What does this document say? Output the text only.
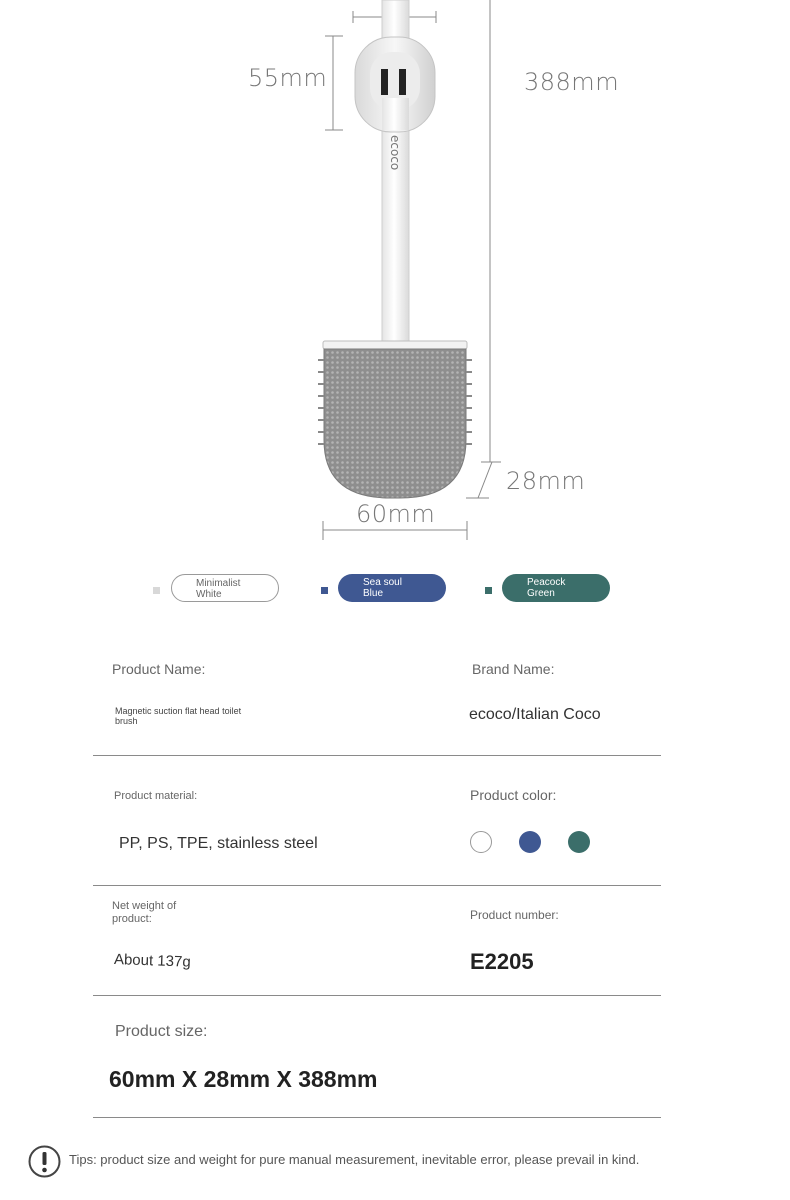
ecoco
55mm	388mm
28mm
60mm
Minimalist
White
Sea soul
Blue
Peacock
Green
Product Name:
Magnetic suction flat head toilet brush
Brand Name:
ecoco/Italian Coco
Product material:
PP, PS, TPE, stainless steel
Product color:
Net weight of product:
About 137g
Product number:
E2205
Product size:
60mm X 28mm X 388mm
Tips: product size and weight for pure manual measurement, inevitable error, please prevail in kind.
